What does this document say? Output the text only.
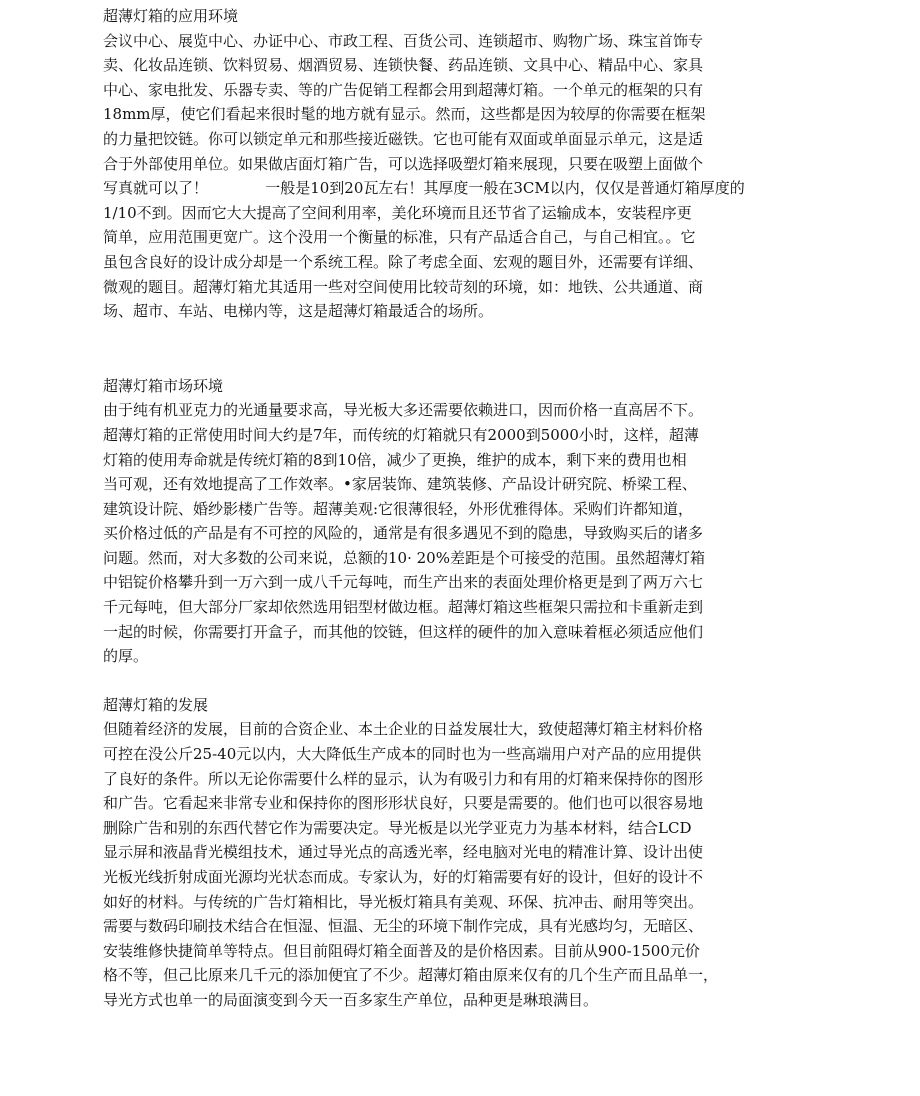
超薄灯箱的应用环境
会议中心、展览中心、办证中心、市政工程、百货公司、连锁超市、购物广场、珠宝首饰专
卖、化妆品连锁、饮料贸易、烟酒贸易、连锁快餐、药品连锁、文具中心、精品中心、家具
中心、家电批发、乐器专卖、等的广告促销工程都会用到超薄灯箱。一个单元的框架的只有
18mm厚，使它们看起来很时髦的地方就有显示。然而，这些都是因为较厚的你需要在框架
的力量把饺链。你可以锁定单元和那些接近磁铁。它也可能有双面或单面显示单元，这是适
合于外部使用单位。如果做店面灯箱广告，可以选择吸塑灯箱来展现，只要在吸塑上面做个
写真就可以了！            一般是10到20瓦左右！其厚度一般在3CM以内，仅仅是普通灯箱厚度的
1/10不到。因而它大大提高了空间利用率，美化环境而且还节省了运输成本，安装程序更
简单，应用范围更宽广。这个没用一个衡量的标准，只有产品适合自己，与自己相宜。。它
虽包含良好的设计成分却是一个系统工程。除了考虑全面、宏观的题目外，还需要有详细、
微观的题目。超薄灯箱尤其适用一些对空间使用比较苛刻的环境，如：地铁、公共通道、商
场、超市、车站、电梯内等，这是超薄灯箱最适合的场所。
超薄灯箱市场环境
由于纯有机亚克力的光通量要求高，导光板大多还需要依赖进口，因而价格一直高居不下。
超薄灯箱的正常使用时间大约是7年，而传统的灯箱就只有2000到5000小时，这样，超薄
灯箱的使用寿命就是传统灯箱的8到10倍，减少了更换，维护的成本，剩下来的费用也相
当可观，还有效地提高了工作效率。•家居装饰、建筑装修、产品设计研究院、桥梁工程、
建筑设计院、婚纱影楼广告等。超薄美观:它很薄很轻，外形优雅得体。采购们许都知道，
买价格过低的产品是有不可控的风险的，通常是有很多遇见不到的隐患，导致购买后的诸多
问题。然而，对大多数的公司来说，总额的10· 20%差距是个可接受的范围。虽然超薄灯箱
中铝锭价格攀升到一万六到一成八千元每吨，而生产出来的表面处理价格更是到了两万六七
千元每吨，但大部分厂家却依然选用铝型材做边框。超薄灯箱这些框架只需拉和卡重新走到
一起的时候，你需要打开盒子，而其他的饺链，但这样的硬件的加入意味着框必须适应他们
的厚。
超薄灯箱的发展
但随着经济的发展，目前的合资企业、本土企业的日益发展壮大，致使超薄灯箱主材料价格
可控在没公斤25-40元以内，大大降低生产成本的同时也为一些高端用户对产品的应用提供
了良好的条件。所以无论你需要什么样的显示，认为有吸引力和有用的灯箱来保持你的图形
和广告。它看起来非常专业和保持你的图形形状良好，只要是需要的。他们也可以很容易地
删除广告和别的东西代替它作为需要决定。导光板是以光学亚克力为基本材料，结合LCD
显示屏和液晶背光模组技术，通过导光点的高透光率，经电脑对光电的精准计算、设计出使
光板光线折射成面光源均光状态而成。专家认为，好的灯箱需要有好的设计，但好的设计不
如好的材料。与传统的广告灯箱相比，导光板灯箱具有美观、环保、抗冲击、耐用等突出。
需要与数码印刷技术结合在恒湿、恒温、无尘的环境下制作完成，具有光感均匀，无暗区、
安装维修快捷简单等特点。但目前阻碍灯箱全面普及的是价格因素。目前从900-1500元价
格不等，但己比原来几千元的添加便宜了不少。超薄灯箱由原来仅有的几个生产而且品单一，
导光方式也单一的局面演变到今天一百多家生产单位，品种更是琳琅满目。
